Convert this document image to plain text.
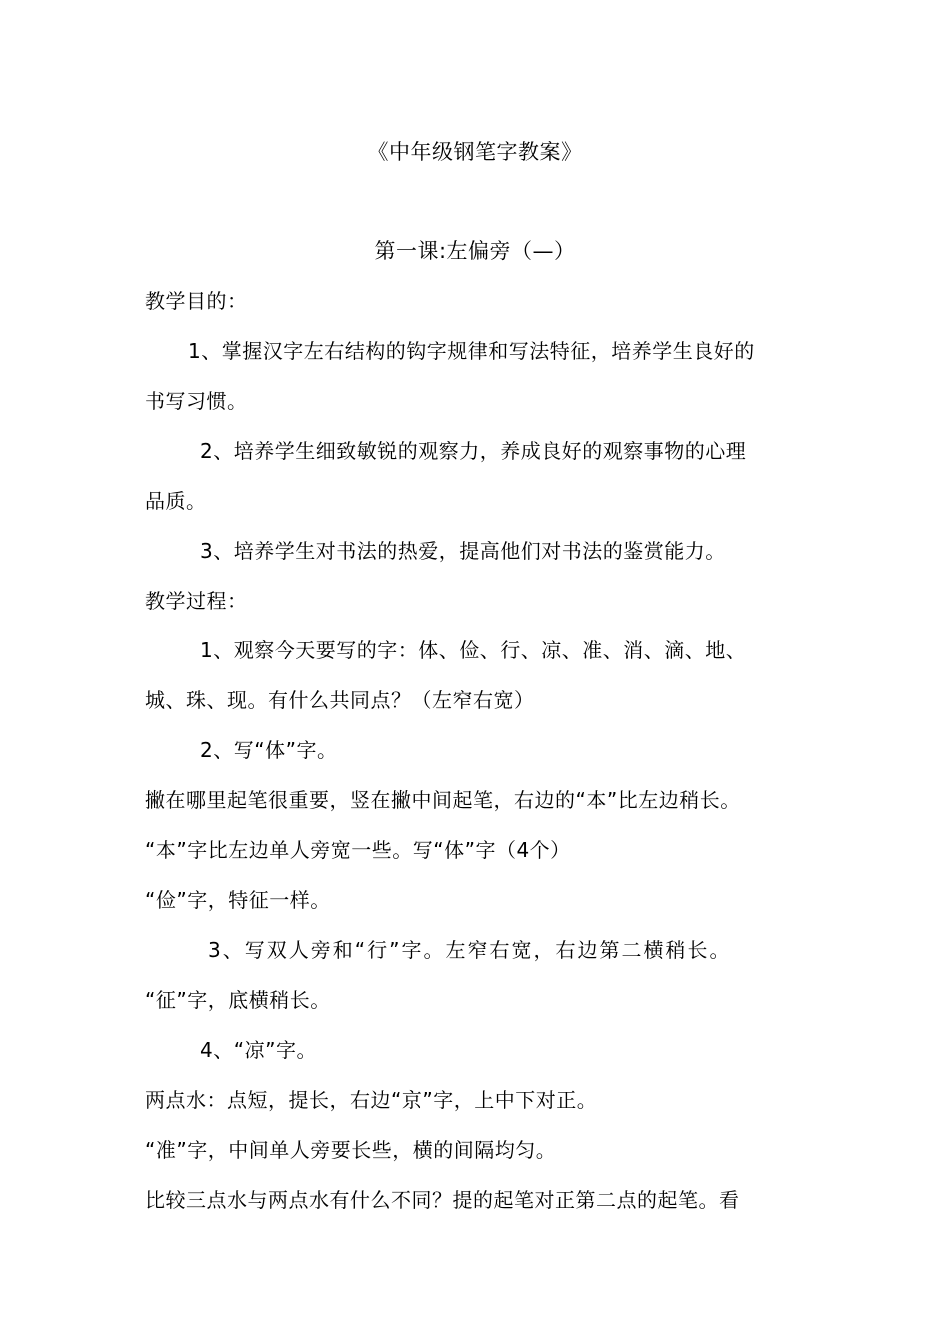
《中年级钢笔字教案》
第一课:左偏旁（—）
教学目的：
1、掌握汉字左右结构的钩字规律和写法特征，培养学生良好的
书写习惯。
2、培养学生细致敏锐的观察力，养成良好的观察事物的心理
品质。
3、培养学生对书法的热爱，提高他们对书法的鉴赏能力。
教学过程：
1、观察今天要写的字：体、俭、行、凉、准、消、滴、地、
城、珠、现。有什么共同点？（左窄右宽）
2、写“体”字。
撇在哪里起笔很重要，竖在撇中间起笔，右边的“本”比左边稍长。
“本”字比左边单人旁宽一些。写“体”字（4个）
“俭”字，特征一样。
3、写双人旁和“行”字。左窄右宽，右边第二横稍长。
“征”字，底横稍长。
4、“凉”字。
两点水：点短，提长，右边“京”字，上中下对正。
“准”字，中间单人旁要长些，横的间隔均匀。
比较三点水与两点水有什么不同？提的起笔对正第二点的起笔。看
